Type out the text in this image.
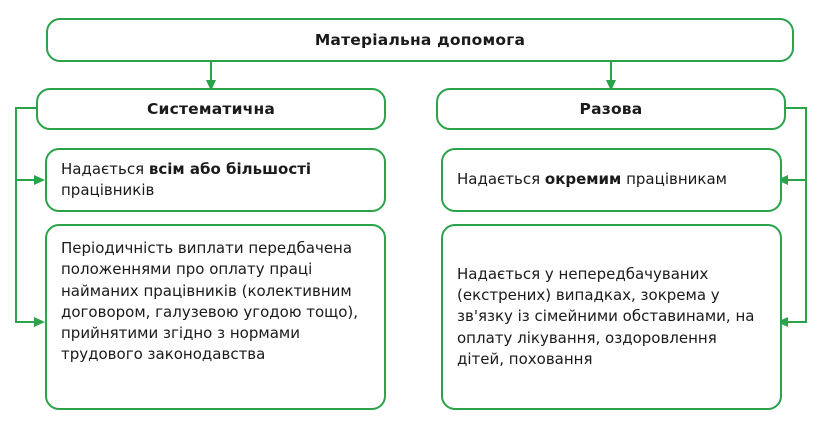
Матеріальна допомога
Систематична	Разова
Надається всім або більшості працівників
Періодичність виплати передбачена положеннями про оплату праці найманих працівників (колективним договором, галузевою угодою тощо), прийнятими згідно з нормами трудового законодавства
Надається окремим працівникам
Надається у непередбачуваних (екстрених) випадках, зокрема у зв'язку із сімейними обставинами, на оплату лікування, оздоровлення дітей, поховання
